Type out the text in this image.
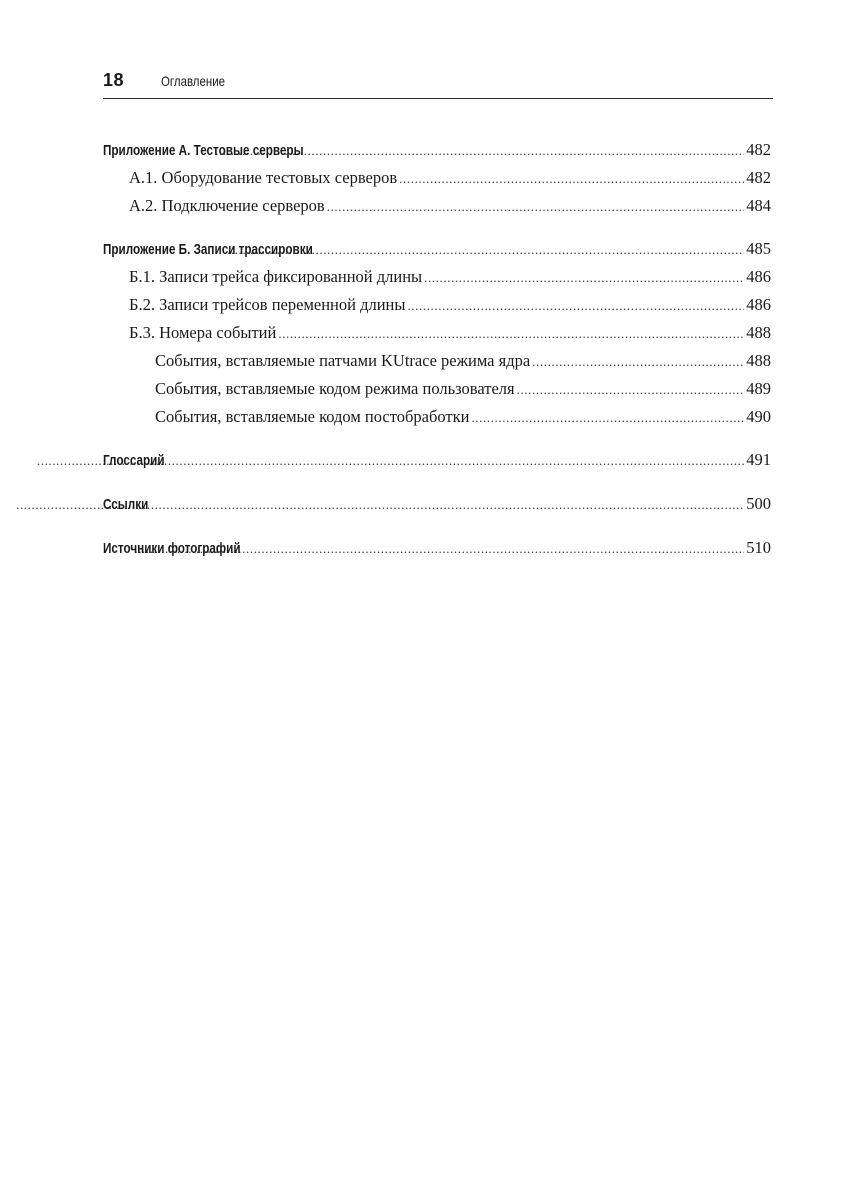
18	Оглавление
Приложение А. Тестовые серверы .....	482
А.1. Оборудование тестовых серверов .....	482
А.2. Подключение серверов .....	484
Приложение Б. Записи трассировки .....	485
Б.1. Записи трейса фиксированной длины .....	486
Б.2. Записи трейсов переменной длины .....	486
Б.3. Номера событий .....	488
События, вставляемые патчами KUtrace режима ядра .....	488
События, вставляемые кодом режима пользователя .....	489
События, вставляемые кодом постобработки .....	490
Глоссарий .....	491
Ссылки .....	500
Источники фотографий .....	510
